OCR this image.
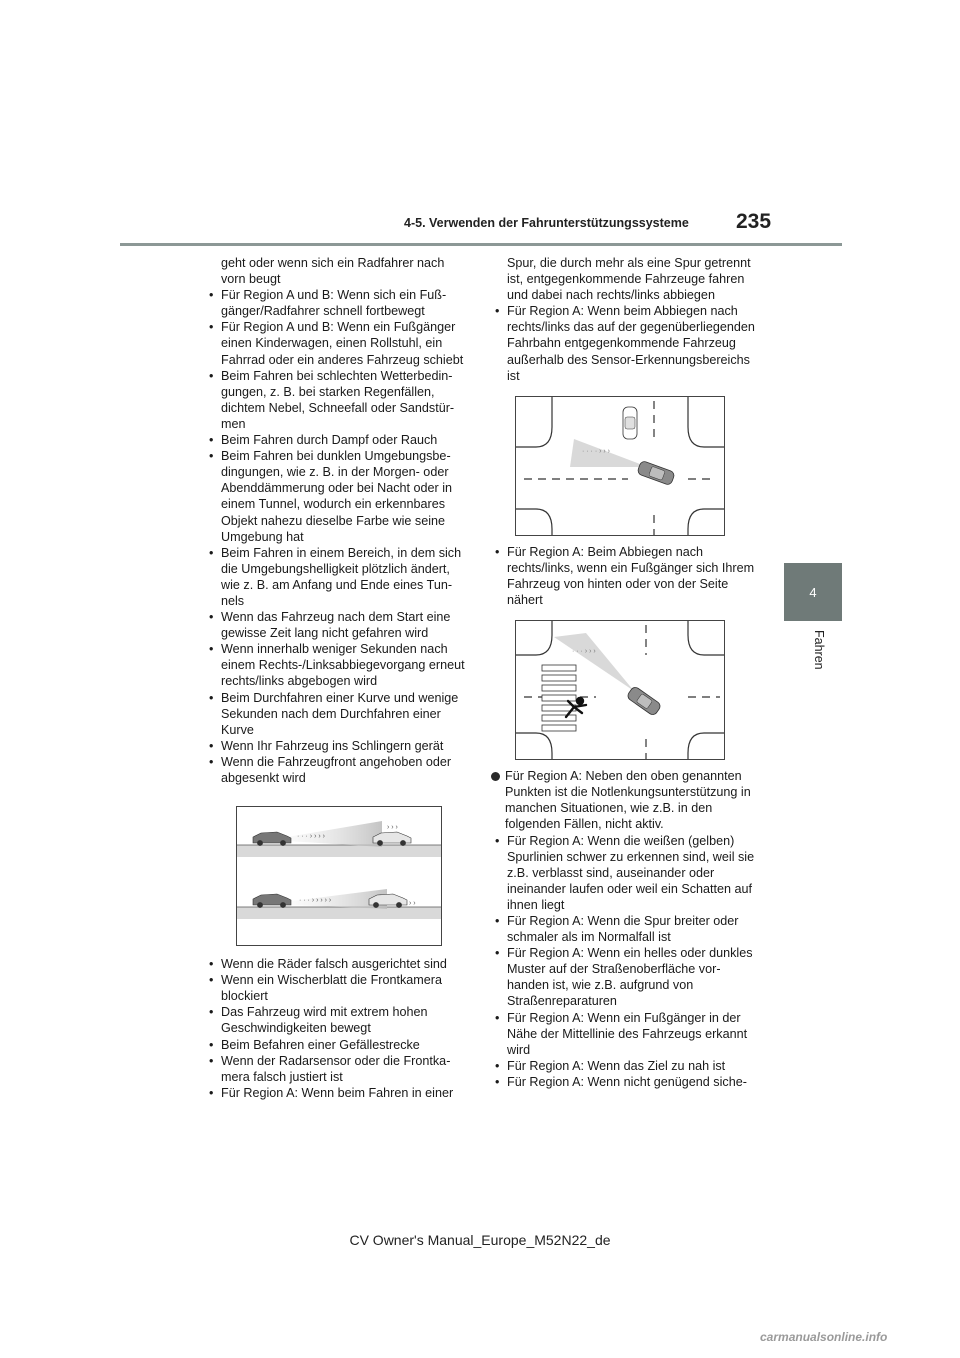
4-5. Verwenden der Fahrunterstützungssysteme 235
4
Fahren
geht oder wenn sich ein Radfahrer nach vorn beugt
• Für Region A und B: Wenn sich ein Fußgänger/Radfahrer schnell fortbewegt
• Für Region A und B: Wenn ein Fußgänger einen Kinderwagen, einen Rollstuhl, ein Fahrrad oder ein anderes Fahrzeug schiebt
• Beim Fahren bei schlechten Wetterbedingungen, z. B. bei starken Regenfällen, dichtem Nebel, Schneefall oder Sandstürmen
• Beim Fahren durch Dampf oder Rauch
• Beim Fahren bei dunklen Umgebungsbedingungen, wie z. B. in der Morgen- oder Abenddämmerung oder bei Nacht oder in einem Tunnel, wodurch ein erkennbares Objekt nahezu dieselbe Farbe wie seine Umgebung hat
• Beim Fahren in einem Bereich, in dem sich die Umgebungshelligkeit plötzlich ändert, wie z. B. am Anfang und Ende eines Tunnels
• Wenn das Fahrzeug nach dem Start eine gewisse Zeit lang nicht gefahren wird
• Wenn innerhalb weniger Sekunden nach einem Rechts-/Linksabbiegevorgang erneut rechts/links abgebogen wird
• Beim Durchfahren einer Kurve und wenige Sekunden nach dem Durchfahren einer Kurve
• Wenn Ihr Fahrzeug ins Schlingern gerät
• Wenn die Fahrzeugfront angehoben oder abgesenkt wird
· · · › › › ›
› › ›
· · · › › › › ›	› ›
• Wenn die Räder falsch ausgerichtet sind
• Wenn ein Wischerblatt die Frontkamera blockiert
• Das Fahrzeug wird mit extrem hohen Geschwindigkeiten bewegt
• Beim Befahren einer Gefällestrecke
• Wenn der Radarsensor oder die Frontkamera falsch justiert ist
• Für Region A: Wenn beim Fahren in einer
Spur, die durch mehr als eine Spur getrennt ist, entgegenkommende Fahrzeuge fahren und dabei nach rechts/links abbiegen
• Für Region A: Wenn beim Abbiegen nach rechts/links das auf der gegenüberliegenden Fahrbahn entgegenkommende Fahrzeug außerhalb des Sensor-Erkennungsbereichs ist
· · · · › › ›
• Für Region A: Beim Abbiegen nach rechts/links, wenn ein Fußgänger sich Ihrem Fahrzeug von hinten oder von der Seite nähert
· · · › › ›
Für Region A: Neben den oben genannten Punkten ist die Notlenkungsunterstützung in manchen Situationen, wie z.B. in den folgenden Fällen, nicht aktiv.
• Für Region A: Wenn die weißen (gelben) Spurlinien schwer zu erkennen sind, weil sie z.B. verblasst sind, auseinander oder ineinander laufen oder weil ein Schatten auf ihnen liegt
• Für Region A: Wenn die Spur breiter oder schmaler als im Normalfall ist
• Für Region A: Wenn ein helles oder dunkles Muster auf der Straßenoberfläche vorhanden ist, wie z.B. aufgrund von Straßenreparaturen
• Für Region A: Wenn ein Fußgänger in der Nähe der Mittellinie des Fahrzeugs erkannt wird
• Für Region A: Wenn das Ziel zu nah ist
• Für Region A: Wenn nicht genügend siche-
CV Owner's Manual_Europe_M52N22_de
carmanualsonline.info
